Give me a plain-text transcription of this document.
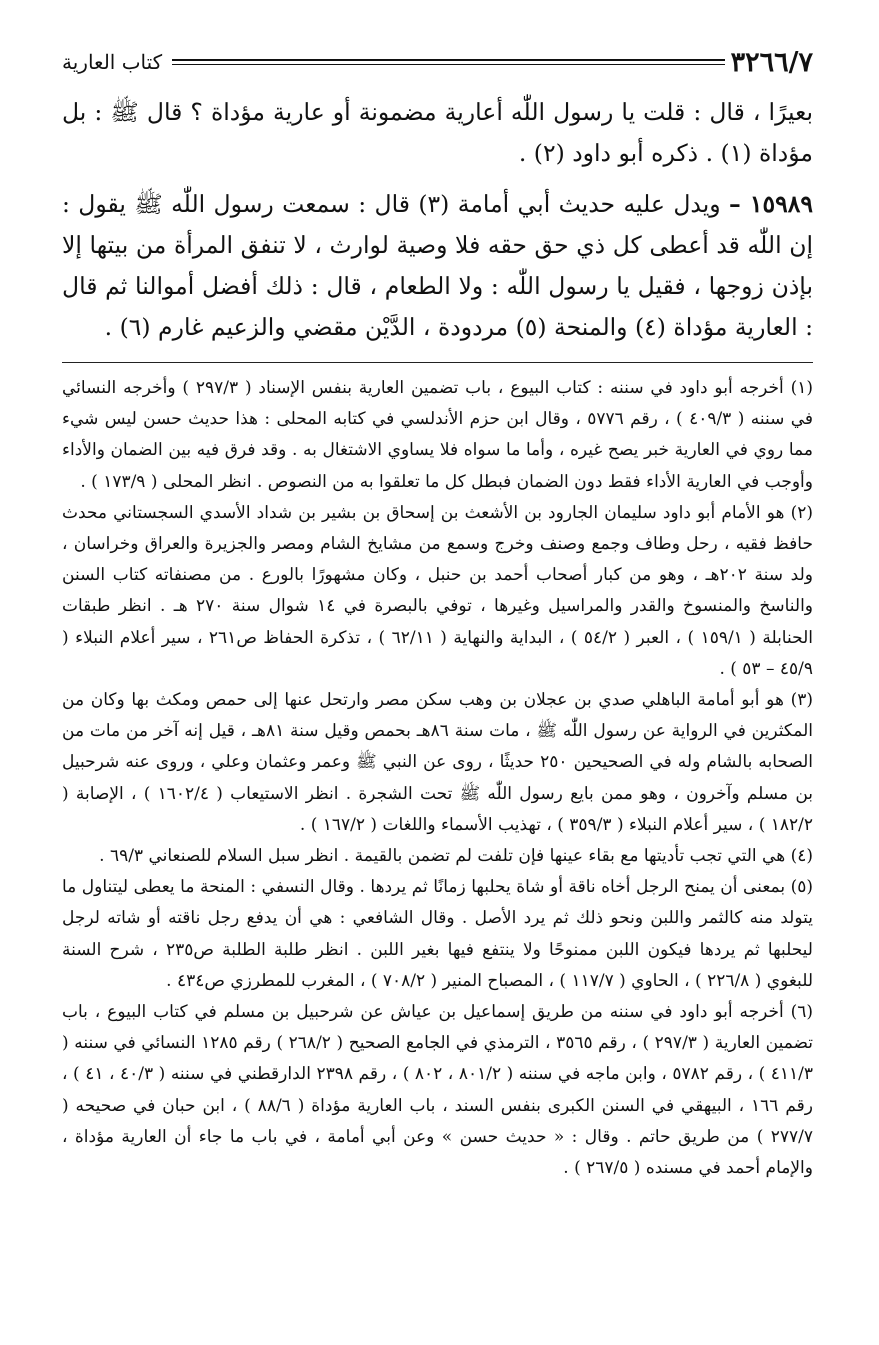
٣٢٦٦/٧
كتاب العارية

بعيرًا ، قال : قلت يا رسول اللّٰه أعارية مضمونة أو عارية مؤداة ؟ قال ﷺ : بل مؤداة (١) . ذكره أبو داود (٢) .

١٥٩٨٩ – ويدل عليه حديث أبي أمامة (٣) قال : سمعت رسول اللّٰه ﷺ يقول : إن اللّٰه قد أعطى كل ذي حق حقه فلا وصية لوارث ، لا تنفق المرأة من بيتها إلا بإذن زوجها ، فقيل يا رسول اللّٰه : ولا الطعام ، قال : ذلك أفضل أموالنا ثم قال : العارية مؤداة (٤) والمنحة (٥) مردودة ، الدَّيْن مقضي والزعيم غارم (٦) .

(١) أخرجه أبو داود في سننه : كتاب البيوع ، باب تضمين العارية بنفس الإسناد ( ٢٩٧/٣ ) وأخرجه النسائي في سننه ( ٤٠٩/٣ ) ، رقم ٥٧٧٦ ، وقال ابن حزم الأندلسي في كتابه المحلى : هذا حديث حسن ليس شيء مما روي في العارية خبر يصح غيره ، وأما ما سواه فلا يساوي الاشتغال به . وقد فرق فيه بين الضمان والأداء وأوجب في العارية الأداء فقط دون الضمان فبطل كل ما تعلقوا به من النصوص . انظر المحلى ( ١٧٣/٩ ) .

(٢) هو الأمام أبو داود سليمان الجارود بن الأشعث بن إسحاق بن بشير بن شداد الأسدي السجستاني محدث حافظ فقيه ، رحل وطاف وجمع وصنف وخرج وسمع من مشايخ الشام ومصر والجزيرة والعراق وخراسان ، ولد سنة ٢٠٢هـ ، وهو من كبار أصحاب أحمد بن حنبل ، وكان مشهورًا بالورع . من مصنفاته كتاب السنن والناسخ والمنسوخ والقدر والمراسيل وغيرها ، توفي بالبصرة في ١٤ شوال سنة ٢٧٠ هـ . انظر طبقات الحنابلة ( ١٥٩/١ ) ، العبر ( ٥٤/٢ ) ، البداية والنهاية ( ٦٢/١١ ) ، تذكرة الحفاظ ص٢٦١ ، سير أعلام النبلاء ( ٤٥/٩ – ٥٣ ) .

(٣) هو أبو أمامة الباهلي صدي بن عجلان بن وهب سكن مصر وارتحل عنها إلى حمص ومكث بها وكان من المكثرين في الرواية عن رسول اللّٰه ﷺ ، مات سنة ٨٦هـ بحمص وقيل سنة ٨١هـ ، قيل إنه آخر من مات من الصحابه بالشام وله في الصحيحين ٢٥٠ حديثًا ، روى عن النبي ﷺ وعمر وعثمان وعلي ، وروى عنه شرحبيل بن مسلم وآخرون ، وهو ممن بايع رسول اللّٰه ﷺ تحت الشجرة . انظر الاستيعاب ( ١٦٠٢/٤ ) ، الإصابة ( ١٨٢/٢ ) ، سير أعلام النبلاء ( ٣٥٩/٣ ) ، تهذيب الأسماء واللغات ( ١٦٧/٢ ) .

(٤) هي التي تجب تأديتها مع بقاء عينها فإن تلفت لم تضمن بالقيمة . انظر سبل السلام للصنعاني ٦٩/٣ .

(٥) بمعنى أن يمنح الرجل أخاه ناقة أو شاة يحلبها زمانًا ثم يردها . وقال النسفي : المنحة ما يعطى ليتناول ما يتولد منه كالثمر واللبن ونحو ذلك ثم يرد الأصل . وقال الشافعي : هي أن يدفع رجل ناقته أو شاته لرجل ليحلبها ثم يردها فيكون اللبن ممنوحًا ولا ينتفع فيها بغير اللبن . انظر طلبة الطلبة ص٢٣٥ ، شرح السنة للبغوي ( ٢٢٦/٨ ) ، الحاوي ( ١١٧/٧ ) ، المصباح المنير ( ٧٠٨/٢ ) ، المغرب للمطرزي ص٤٣٤ .

(٦) أخرجه أبو داود في سننه من طريق إسماعيل بن عياش عن شرحبيل بن مسلم في كتاب البيوع ، باب تضمين العارية ( ٢٩٧/٣ ) ، رقم ٣٥٦٥ ، الترمذي في الجامع الصحيح ( ٢٦٨/٢ ) رقم ١٢٨٥ النسائي في سننه ( ٤١١/٣ ) ، رقم ٥٧٨٢ ، وابن ماجه في سننه ( ٨٠١/٢ ، ٨٠٢ ) ، رقم ٢٣٩٨ الدارقطني في سننه ( ٤٠/٣ ، ٤١ ) ، رقم ١٦٦ ، البيهقي في السنن الكبرى بنفس السند ، باب العارية مؤداة ( ٨٨/٦ ) ، ابن حبان في صحيحه ( ٢٧٧/٧ ) من طريق حاتم . وقال : « حديث حسن » وعن أبي أمامة ، في باب ما جاء أن العارية مؤداة ، والإمام أحمد في مسنده ( ٢٦٧/٥ ) .
